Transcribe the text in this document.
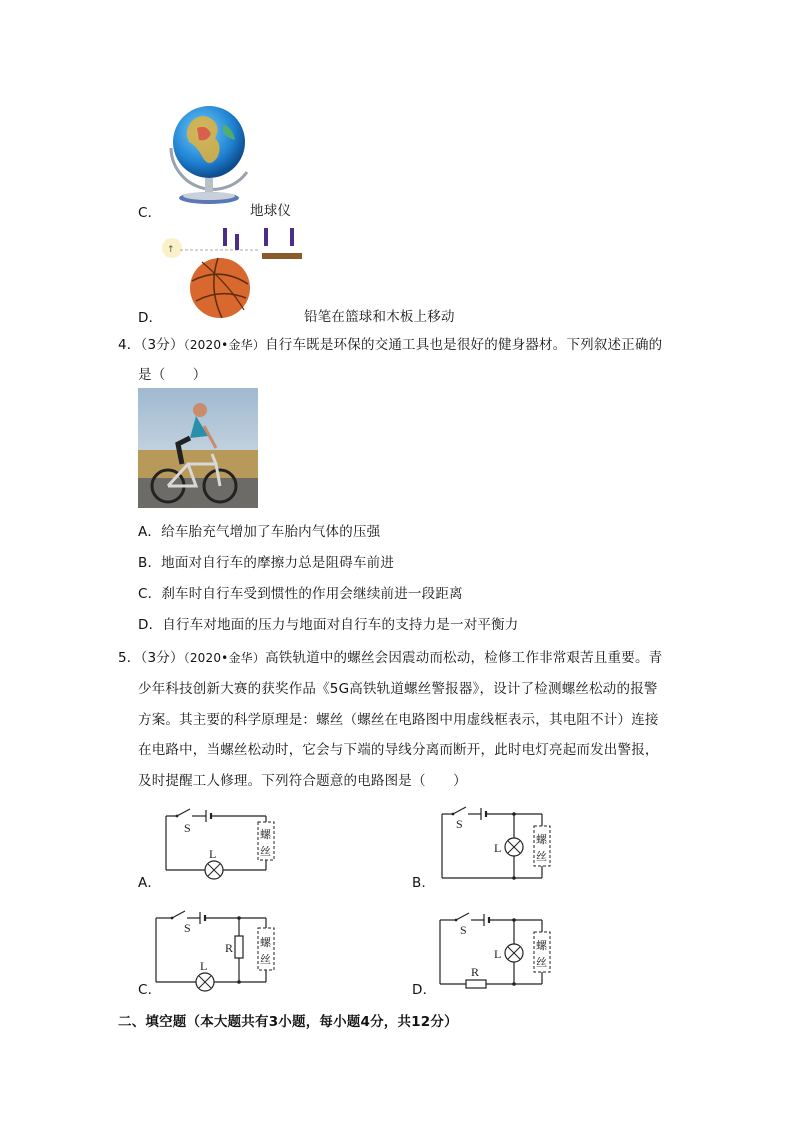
C．	地球仪
↑
D．	铅笔在篮球和木板上移动
4．（3分）（2020•金华）自行车既是环保的交通工具也是很好的健身器材。下列叙述正确的
是（　　）
A．给车胎充气增加了车胎内气体的压强
B．地面对自行车的摩擦力总是阻碍车前进
C．刹车时自行车受到惯性的作用会继续前进一段距离
D．自行车对地面的压力与地面对自行车的支持力是一对平衡力
5．（3分）（2020•金华）高铁轨道中的螺丝会因震动而松动，检修工作非常艰苦且重要。青
少年科技创新大赛的获奖作品《5G高铁轨道螺丝警报器》，设计了检测螺丝松动的报警
方案。其主要的科学原理是：螺丝（螺丝在电路图中用虚线框表示，其电阻不计）连接
在电路中，当螺丝松动时，它会与下端的导线分离而断开，此时电灯亮起而发出警报，
及时提醒工人修理。下列符合题意的电路图是（　　）
S
L
螺
丝
A．
S
L
螺
丝
B．
S
R
L
螺
丝
C．
S
L
R
螺
丝
D．
二、填空题（本大题共有3小题，每小题4分，共12分）
